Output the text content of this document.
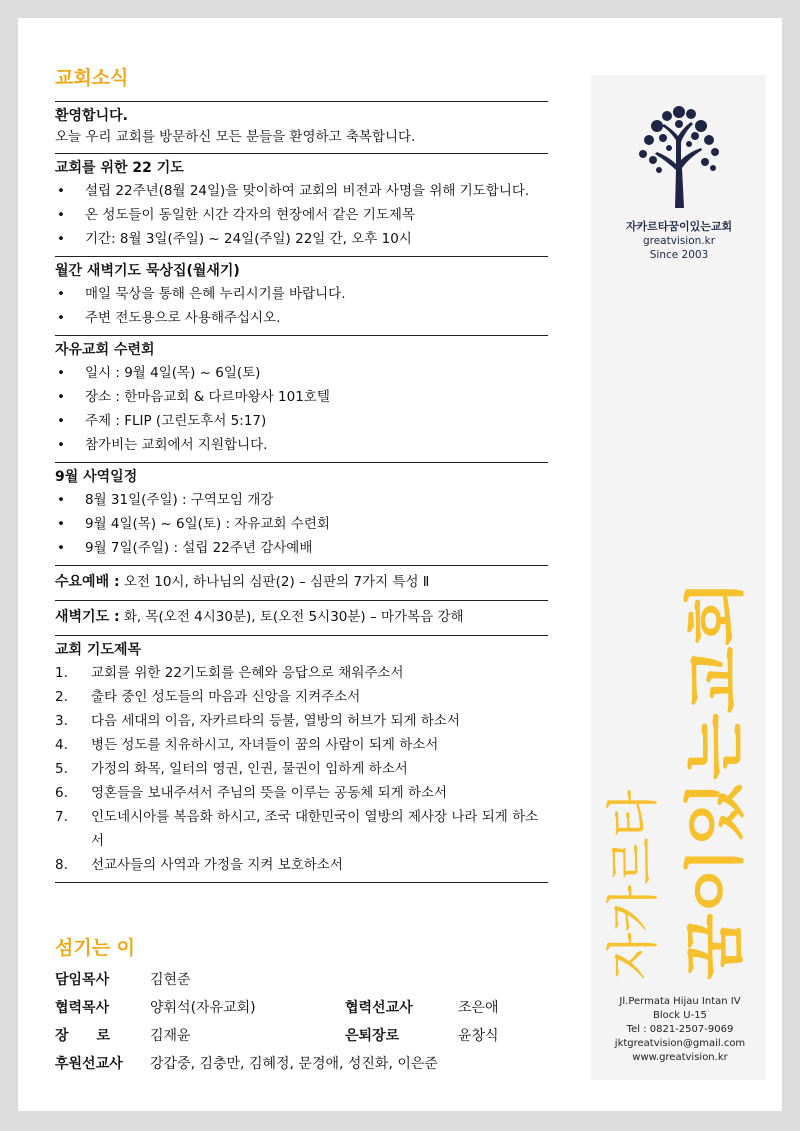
교회소식
환영합니다.
오늘 우리 교회를 방문하신 모든 분들을 환영하고 축복합니다.
교회를 위한 22 기도
• 설립 22주년(8월 24일)을 맞이하여 교회의 비전과 사명을 위해 기도합니다.
• 온 성도들이 동일한 시간 각자의 현장에서 같은 기도제목
• 기간: 8월 3일(주일) ~ 24일(주일) 22일 간, 오후 10시
월간 새벽기도 묵상집(월새기)
• 매일 묵상을 통해 은혜 누리시기를 바랍니다.
• 주변 전도용으로 사용해주십시오.
자유교회 수련회
• 일시 : 9월 4일(목) ~ 6일(토)
• 장소 : 한마음교회 & 다르마왕사 101호텔
• 주제 : FLIP (고린도후서 5:17)
• 참가비는 교회에서 지원합니다.
9월 사역일정
• 8월 31일(주일) : 구역모임 개강
• 9월 4일(목) ~ 6일(토) : 자유교회 수련회
• 9월 7일(주일) : 설립 22주년 감사예배
수요예배 : 오전 10시, 하나님의 심판(2) – 심판의 7가지 특성 Ⅱ
새벽기도 : 화, 목(오전 4시30분), 토(오전 5시30분) – 마가복음 강해
교회 기도제목
1. 교회를 위한 22기도회를 은혜와 응답으로 채워주소서
2. 출타 중인 성도들의 마음과 신앙을 지켜주소서
3. 다음 세대의 이음, 자카르타의 등불, 열방의 허브가 되게 하소서
4. 병든 성도를 치유하시고, 자녀들이 꿈의 사람이 되게 하소서
5. 가정의 화목, 일터의 영권, 인권, 물권이 임하게 하소서
6. 영혼들을 보내주셔서 주님의 뜻을 이루는 공동체 되게 하소서
7. 인도네시아를 복음화 하시고, 조국 대한민국이 열방의 제사장 나라 되게 하소서
8. 선교사들의 사역과 가정을 지켜 보호하소서
섬기는 이
담임목사	김현준
협력목사	양휘석(자유교회)	협력선교사	조은애
장　　로	김재윤	은퇴장로	윤창식
후원선교사 강갑중, 김충만, 김혜정, 문경애, 성진화, 이은준
자카르타꿈이있는교회
greatvision.kr
Since 2003
자카르타 꿈이있는교회
Jl.Permata Hijau Intan IV
Block U-15
Tel : 0821-2507-9069
jktgreatvision@gmail.com
www.greatvision.kr
